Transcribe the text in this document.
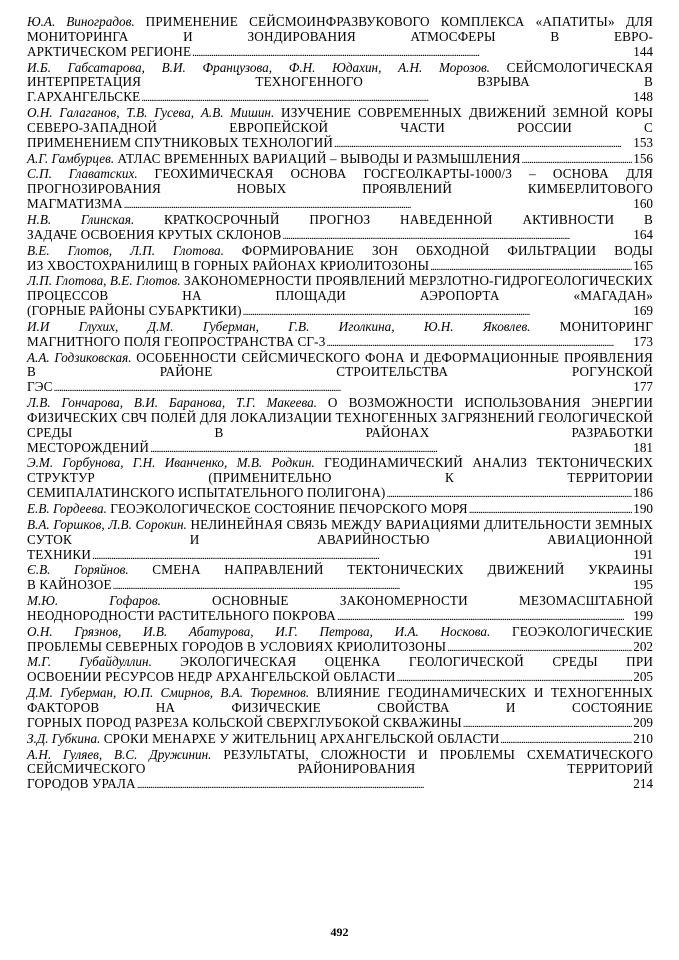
Ю.А. Виноградов. ПРИМЕНЕНИЕ СЕЙСМОИНФРАЗВУКОВОГО КОМПЛЕКСА «АПАТИТЫ» ДЛЯ МОНИТОРИНГА И ЗОНДИРОВАНИЯ АТМОСФЕРЫ В ЕВРО-
АРКТИЧЕСКОМ РЕГИОНЕ . . .	144
И.Б. Габсатарова, В.И. Французова, Ф.Н. Юдахин, А.Н. Морозов. СЕЙСМОЛОГИЧЕСКАЯ ИНТЕРПРЕТАЦИЯ ТЕХНОГЕННОГО ВЗРЫВА В
Г.АРХАНГЕЛЬСКЕ . . .	148
О.Н. Галаганов, Т.В. Гусева, А.В. Мишин. ИЗУЧЕНИЕ СОВРЕМЕННЫХ ДВИЖЕНИЙ ЗЕМНОЙ КОРЫ СЕВЕРО-ЗАПАДНОЙ ЕВРОПЕЙСКОЙ ЧАСТИ РОССИИ С
ПРИМЕНЕНИЕМ СПУТНИКОВЫХ ТЕХНОЛОГИЙ . . .	153
А.Г. Гамбурцев.
АТЛАС ВРЕМЕННЫХ ВАРИАЦИЙ – ВЫВОДЫ И РАЗМЫШЛЕНИЯ . . .	156
С.П. Главатских. ГЕОХИМИЧЕСКАЯ ОСНОВА ГОСГЕОЛКАРТЫ-1000/3 – ОСНОВА ДЛЯ ПРОГНОЗИРОВАНИЯ НОВЫХ ПРОЯВЛЕНИЙ КИМБЕРЛИТОВОГО
МАГМАТИЗМА . . .	160
Н.В. Глинская. КРАТКОСРОЧНЫЙ ПРОГНОЗ НАВЕДЕННОЙ АКТИВНОСТИ В
ЗАДАЧЕ ОСВОЕНИЯ КРУТЫХ СКЛОНОВ . . .	164
В.Е. Глотов, Л.П. Глотова. ФОРМИРОВАНИЕ ЗОН ОБХОДНОЙ ФИЛЬТРАЦИИ ВОДЫ
ИЗ ХВОСТОХРАНИЛИЩ В ГОРНЫХ РАЙОНАХ КРИОЛИТОЗОНЫ . . .	165
Л.П. Глотова, В.Е. Глотов. ЗАКОНОМЕРНОСТИ ПРОЯВЛЕНИЙ МЕРЗЛОТНО-ГИДРОГЕОЛОГИЧЕСКИХ ПРОЦЕССОВ НА ПЛОЩАДИ АЭРОПОРТА «МАГАДАН»
(ГОРНЫЕ РАЙОНЫ СУБАРКТИКИ) . . .	169
И.И Глухих, Д.М. Губерман, Г.В. Иголкина, Ю.Н. Яковлев. МОНИТОРИНГ
МАГНИТНОГО ПОЛЯ ГЕОПРОСТРАНСТВА СГ-3 . . .	173
А.А. Годзиковская. ОСОБЕННОСТИ СЕЙСМИЧЕСКОГО ФОНА И ДЕФОРМАЦИОННЫЕ ПРОЯВЛЕНИЯ В РАЙОНЕ СТРОИТЕЛЬСТВА РОГУНСКОЙ
ГЭС . . .	177
Л.В. Гончарова, В.И. Баранова, Т.Г. Макеева. О ВОЗМОЖНОСТИ ИСПОЛЬЗОВАНИЯ ЭНЕРГИИ ФИЗИЧЕСКИХ СВЧ ПОЛЕЙ ДЛЯ ЛОКАЛИЗАЦИИ ТЕХНОГЕННЫХ ЗАГРЯЗНЕНИЙ ГЕОЛОГИЧЕСКОЙ СРЕДЫ В РАЙОНАХ РАЗРАБОТКИ
МЕСТОРОЖДЕНИЙ . . .	181
Э.М. Горбунова, Г.Н. Иванченко, М.В. Родкин. ГЕОДИНАМИЧЕСКИЙ АНАЛИЗ ТЕКТОНИЧЕСКИХ СТРУКТУР (ПРИМЕНИТЕЛЬНО К ТЕРРИТОРИИ
СЕМИПАЛАТИНСКОГО ИСПЫТАТЕЛЬНОГО ПОЛИГОНА) . . .	186
Е.В. Гордеева.
ГЕОЭКОЛОГИЧЕСКОЕ СОСТОЯНИЕ ПЕЧОРСКОГО МОРЯ . . .	190
В.А. Горшков, Л.В. Сорокин. НЕЛИНЕЙНАЯ СВЯЗЬ МЕЖДУ ВАРИАЦИЯМИ ДЛИТЕЛЬНОСТИ ЗЕМНЫХ СУТОК И АВАРИЙНОСТЬЮ АВИАЦИОННОЙ
ТЕХНИКИ . . .	191
Є.В. Горяйнов. СМЕНА НАПРАВЛЕНИЙ ТЕКТОНИЧЕСКИХ ДВИЖЕНИЙ УКРАИНЫ
В КАЙНОЗОЕ . . .	195
М.Ю. Гофаров.	ОСНОВНЫЕ ЗАКОНОМЕРНОСТИ МЕЗОМАСШТАБНОЙ
НЕОДНОРОДНОСТИ РАСТИТЕЛЬНОГО ПОКРОВА . . .	199
О.Н. Грязнов, И.В. Абатурова, И.Г. Петрова, И.А. Носкова. ГЕОЭКОЛОГИЧЕСКИЕ
ПРОБЛЕМЫ СЕВЕРНЫХ ГОРОДОВ В УСЛОВИЯХ КРИОЛИТОЗОНЫ . . .	202
М.Г. Губайдуллин. ЭКОЛОГИЧЕСКАЯ ОЦЕНКА ГЕОЛОГИЧЕСКОЙ СРЕДЫ ПРИ
ОСВОЕНИИ РЕСУРСОВ НЕДР АРХАНГЕЛЬСКОЙ ОБЛАСТИ . . .	205
Д.М. Губерман, Ю.П. Смирнов, В.А. Тюремнов. ВЛИЯНИЕ ГЕОДИНАМИЧЕСКИХ И ТЕХНОГЕННЫХ ФАКТОРОВ НА ФИЗИЧЕСКИЕ СВОЙСТВА И СОСТОЯНИЕ
ГОРНЫХ ПОРОД РАЗРЕЗА КОЛЬСКОЙ СВЕРХГЛУБОКОЙ СКВАЖИНЫ . . .	209
З.Д. Губкина.
СРОКИ МЕНАРХЕ У ЖИТЕЛЬНИЦ АРХАНГЕЛЬСКОЙ ОБЛАСТИ . . .	210
А.Н. Гуляев, В.С. Дружинин. РЕЗУЛЬТАТЫ, СЛОЖНОСТИ И ПРОБЛЕМЫ СХЕМАТИЧЕСКОГО СЕЙСМИЧЕСКОГО РАЙОНИРОВАНИЯ ТЕРРИТОРИЙ
ГОРОДОВ УРАЛА . . .	214
492
